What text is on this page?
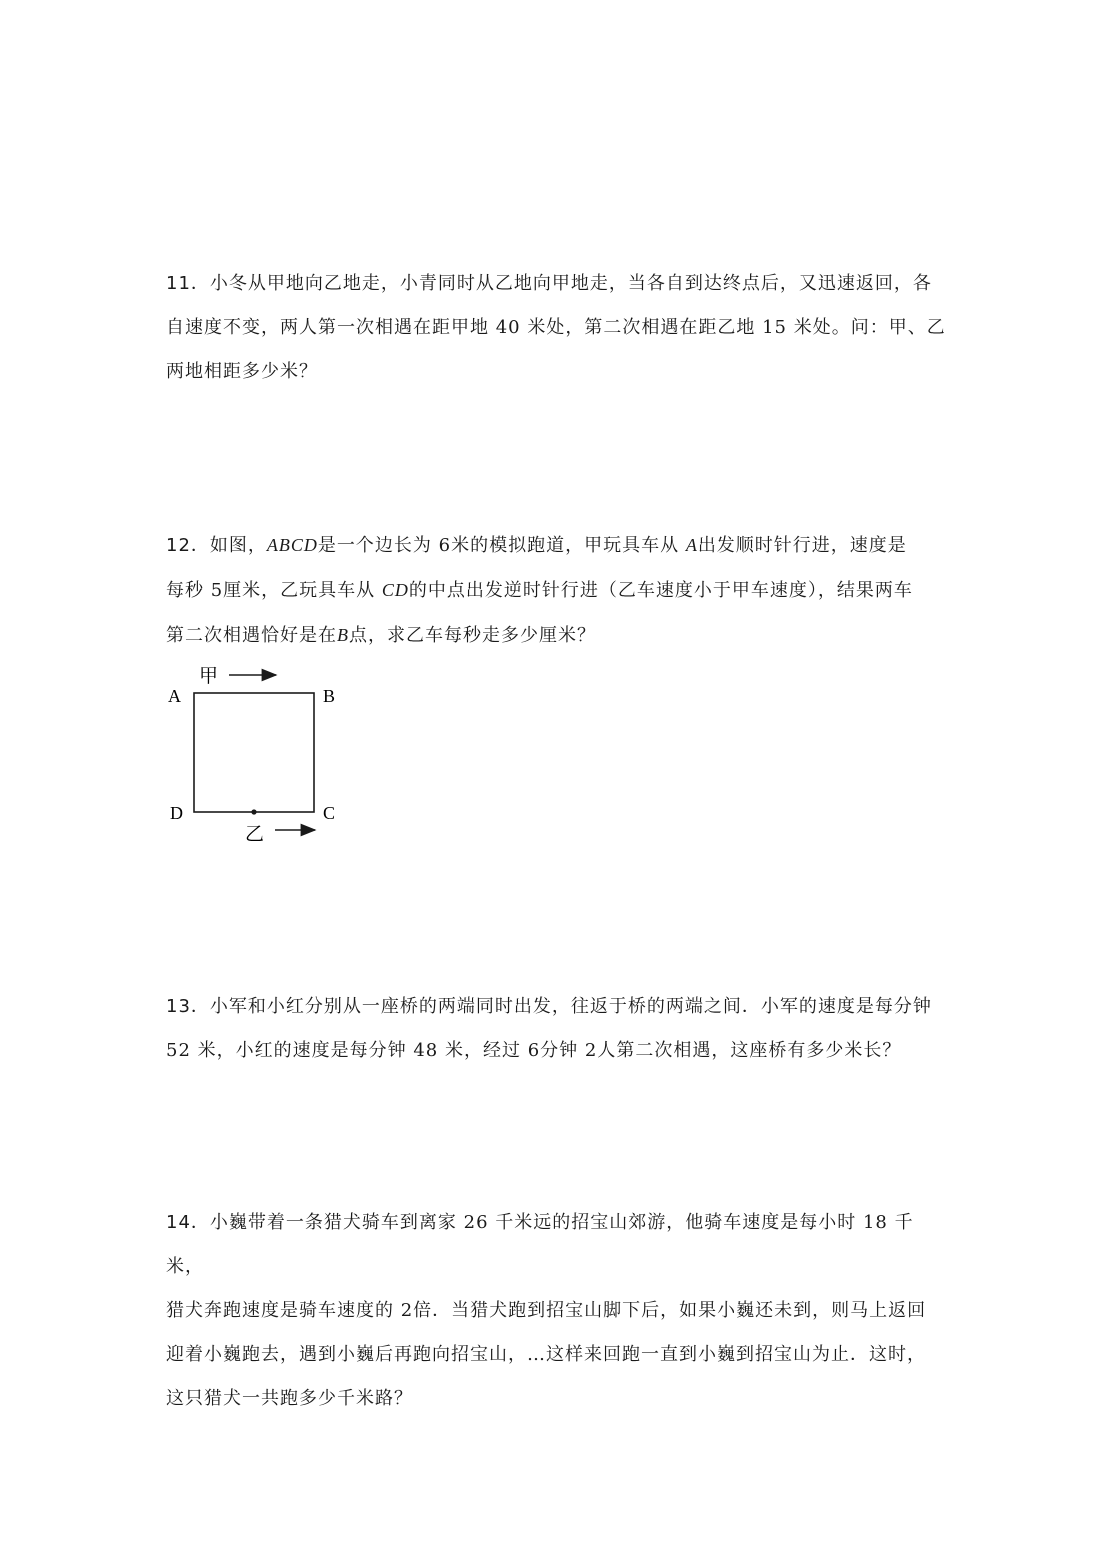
11．小冬从甲地向乙地走，小青同时从乙地向甲地走，当各自到达终点后，又迅速返回，各

自速度不变，两人第一次相遇在距甲地 40 米处，第二次相遇在距乙地 15 米处。问：甲、乙

两地相距多少米？

12．如图，ABCD是一个边长为 6米的模拟跑道，甲玩具车从 A出发顺时针行进，速度是

每秒 5厘米，乙玩具车从 CD的中点出发逆时针行进（乙车速度小于甲车速度），结果两车

第二次相遇恰好是在B点，求乙车每秒走多少厘米？

A	B
C
D
甲
乙

13．小军和小红分别从一座桥的两端同时出发，往返于桥的两端之间．小军的速度是每分钟

52 米，小红的速度是每分钟 48 米，经过 6分钟 2人第二次相遇，这座桥有多少米长？

14．小巍带着一条猎犬骑车到离家 26 千米远的招宝山郊游，他骑车速度是每小时 18 千米，

猎犬奔跑速度是骑车速度的 2倍．当猎犬跑到招宝山脚下后，如果小巍还未到，则马上返回

迎着小巍跑去，遇到小巍后再跑向招宝山，…这样来回跑一直到小巍到招宝山为止．这时，

这只猎犬一共跑多少千米路？
